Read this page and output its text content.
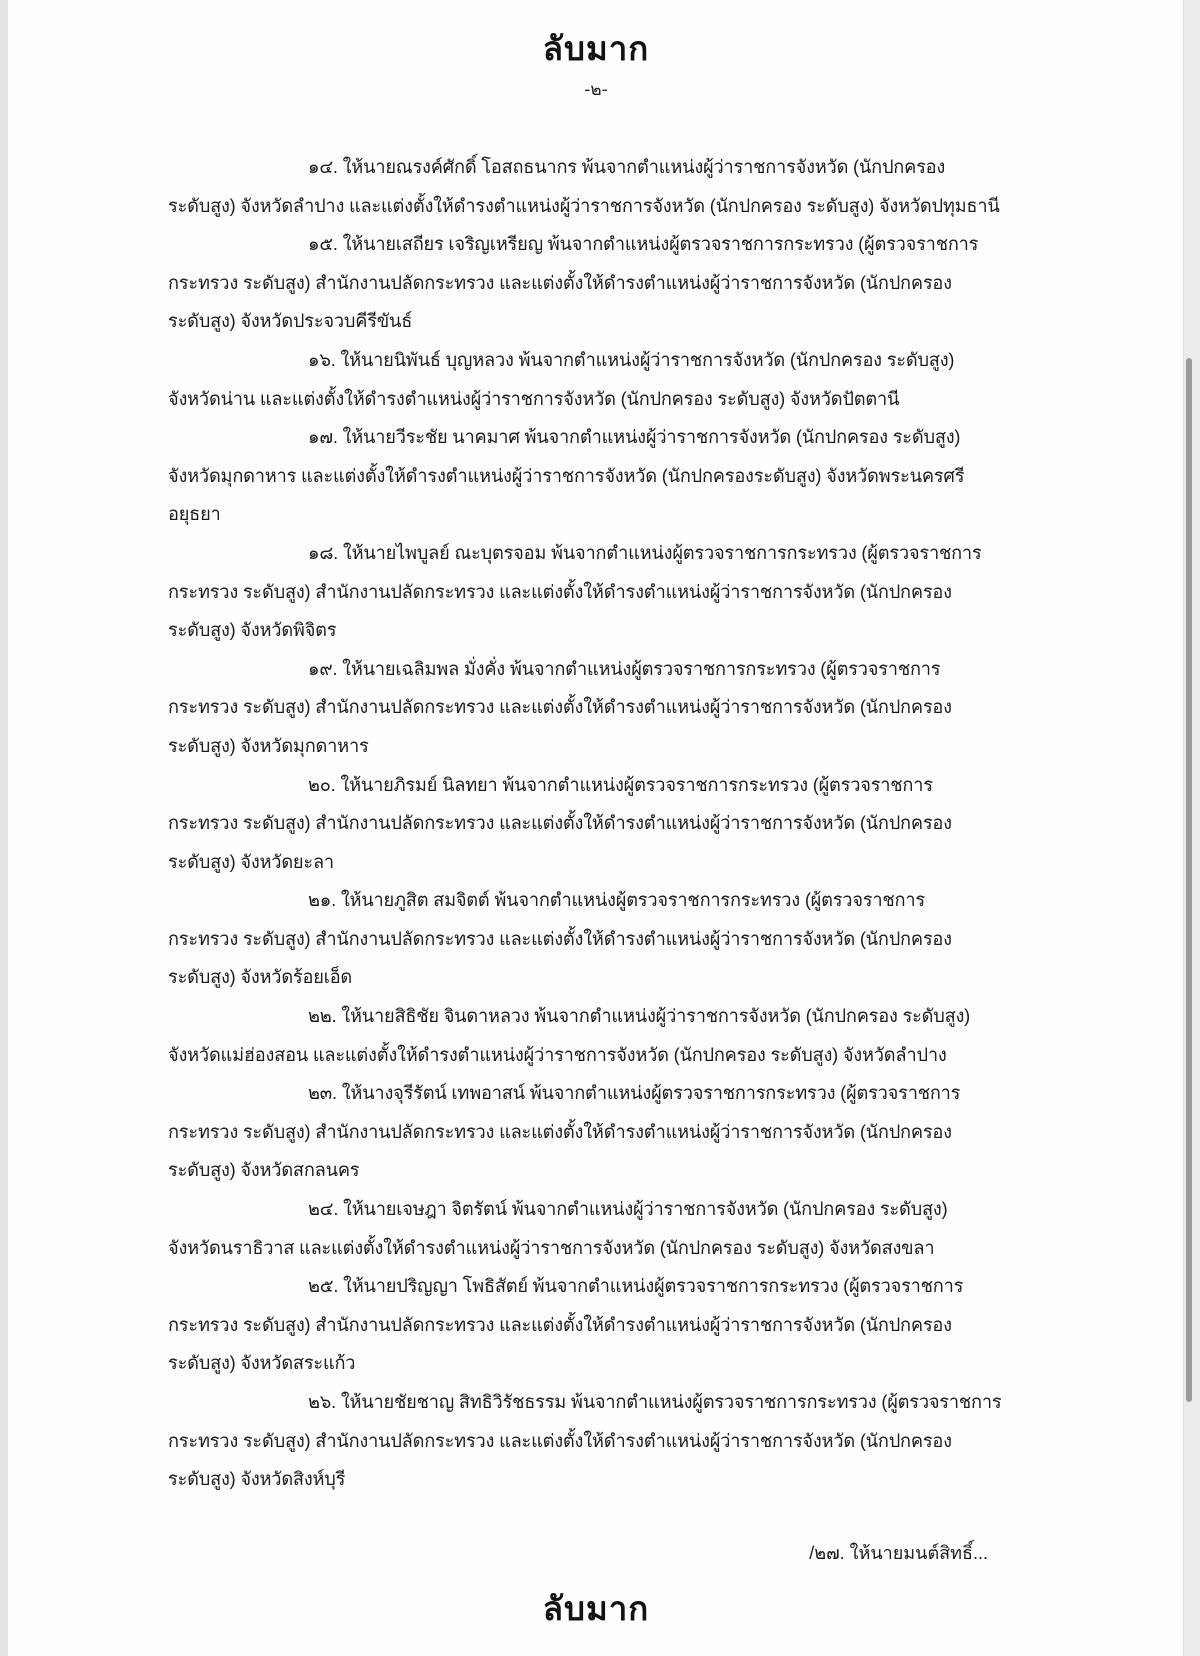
ลับมาก
-๒-
๑๔. ให้นายณรงค์ศักดิ์ โอสถธนากร พ้นจากตำแหน่งผู้ว่าราชการจังหวัด (นักปกครอง
ระดับสูง) จังหวัดลำปาง และแต่งตั้งให้ดำรงตำแหน่งผู้ว่าราชการจังหวัด (นักปกครอง ระดับสูง) จังหวัดปทุมธานี
๑๕. ให้นายเสถียร เจริญเหรียญ พ้นจากตำแหน่งผู้ตรวจราชการกระทรวง (ผู้ตรวจราชการ
กระทรวง ระดับสูง) สำนักงานปลัดกระทรวง และแต่งตั้งให้ดำรงตำแหน่งผู้ว่าราชการจังหวัด (นักปกครอง
ระดับสูง) จังหวัดประจวบคีรีขันธ์
๑๖. ให้นายนิพันธ์ บุญหลวง พ้นจากตำแหน่งผู้ว่าราชการจังหวัด (นักปกครอง ระดับสูง)
จังหวัดน่าน และแต่งตั้งให้ดำรงตำแหน่งผู้ว่าราชการจังหวัด (นักปกครอง ระดับสูง) จังหวัดปัตตานี
๑๗. ให้นายวีระชัย นาคมาศ พ้นจากตำแหน่งผู้ว่าราชการจังหวัด (นักปกครอง ระดับสูง)
จังหวัดมุกดาหาร และแต่งตั้งให้ดำรงตำแหน่งผู้ว่าราชการจังหวัด (นักปกครองระดับสูง) จังหวัดพระนครศรี
อยุธยา
๑๘. ให้นายไพบูลย์ ณะบุตรจอม พ้นจากตำแหน่งผู้ตรวจราชการกระทรวง (ผู้ตรวจราชการ
กระทรวง ระดับสูง) สำนักงานปลัดกระทรวง และแต่งตั้งให้ดำรงตำแหน่งผู้ว่าราชการจังหวัด (นักปกครอง
ระดับสูง) จังหวัดพิจิตร
๑๙. ให้นายเฉลิมพล มั่งคั่ง พ้นจากตำแหน่งผู้ตรวจราชการกระทรวง (ผู้ตรวจราชการ
กระทรวง ระดับสูง) สำนักงานปลัดกระทรวง และแต่งตั้งให้ดำรงตำแหน่งผู้ว่าราชการจังหวัด (นักปกครอง
ระดับสูง) จังหวัดมุกดาหาร
๒๐. ให้นายภิรมย์ นิลทยา พ้นจากตำแหน่งผู้ตรวจราชการกระทรวง (ผู้ตรวจราชการ
กระทรวง ระดับสูง) สำนักงานปลัดกระทรวง และแต่งตั้งให้ดำรงตำแหน่งผู้ว่าราชการจังหวัด (นักปกครอง
ระดับสูง) จังหวัดยะลา
๒๑. ให้นายภูสิต สมจิตต์ พ้นจากตำแหน่งผู้ตรวจราชการกระทรวง (ผู้ตรวจราชการ
กระทรวง ระดับสูง) สำนักงานปลัดกระทรวง และแต่งตั้งให้ดำรงตำแหน่งผู้ว่าราชการจังหวัด (นักปกครอง
ระดับสูง) จังหวัดร้อยเอ็ด
๒๒. ให้นายสิธิชัย จินดาหลวง พ้นจากตำแหน่งผู้ว่าราชการจังหวัด (นักปกครอง ระดับสูง)
จังหวัดแม่ฮ่องสอน และแต่งตั้งให้ดำรงตำแหน่งผู้ว่าราชการจังหวัด (นักปกครอง ระดับสูง) จังหวัดลำปาง
๒๓. ให้นางจุรีรัตน์ เทพอาสน์ พ้นจากตำแหน่งผู้ตรวจราชการกระทรวง (ผู้ตรวจราชการ
กระทรวง ระดับสูง) สำนักงานปลัดกระทรวง และแต่งตั้งให้ดำรงตำแหน่งผู้ว่าราชการจังหวัด (นักปกครอง
ระดับสูง) จังหวัดสกลนคร
๒๔. ให้นายเจษฎา จิตรัตน์ พ้นจากตำแหน่งผู้ว่าราชการจังหวัด (นักปกครอง ระดับสูง)
จังหวัดนราธิวาส และแต่งตั้งให้ดำรงตำแหน่งผู้ว่าราชการจังหวัด (นักปกครอง ระดับสูง) จังหวัดสงขลา
๒๕. ให้นายปริญญา โพธิสัตย์ พ้นจากตำแหน่งผู้ตรวจราชการกระทรวง (ผู้ตรวจราชการ
กระทรวง ระดับสูง) สำนักงานปลัดกระทรวง และแต่งตั้งให้ดำรงตำแหน่งผู้ว่าราชการจังหวัด (นักปกครอง
ระดับสูง) จังหวัดสระแก้ว
๒๖. ให้นายชัยชาญ สิทธิวิรัชธรรม พ้นจากตำแหน่งผู้ตรวจราชการกระทรวง (ผู้ตรวจราชการ
กระทรวง ระดับสูง) สำนักงานปลัดกระทรวง และแต่งตั้งให้ดำรงตำแหน่งผู้ว่าราชการจังหวัด (นักปกครอง
ระดับสูง) จังหวัดสิงห์บุรี
/๒๗. ให้นายมนต์สิทธิ์...
ลับมาก
